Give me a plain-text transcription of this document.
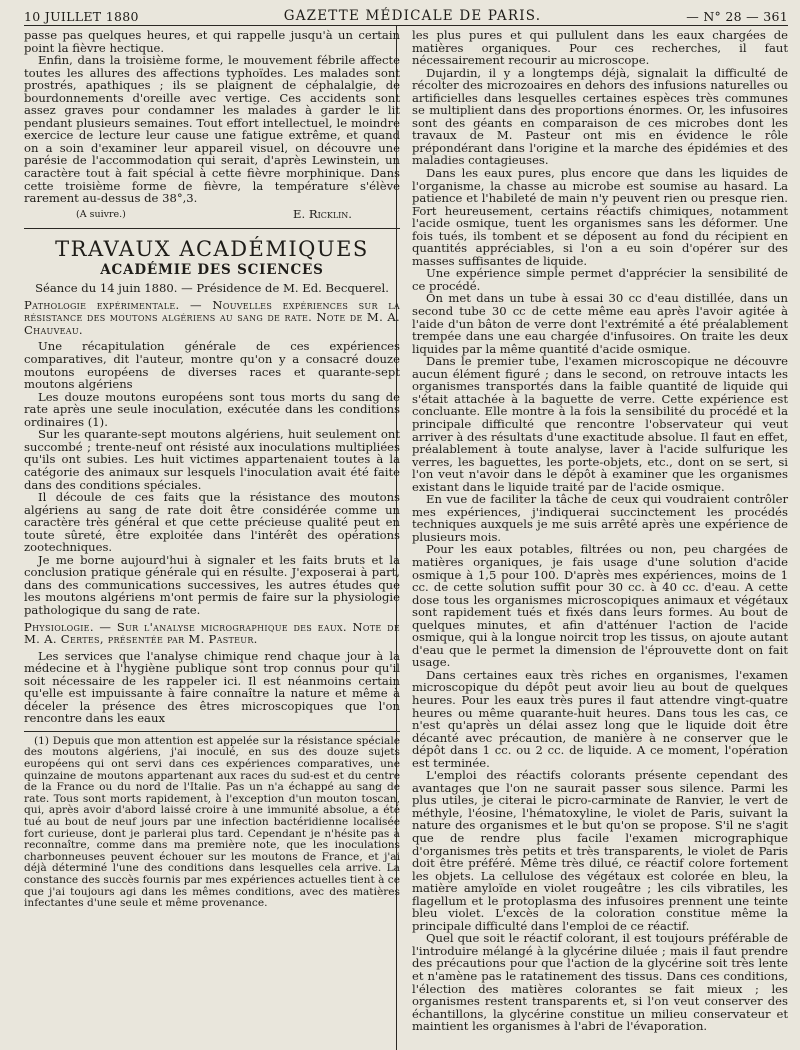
10 JUILLET 1880	GAZETTE MÉDICALE DE PARIS.	— N° 28 — 361

passe pas quelques heures, et qui rappelle jusqu'à un certain point la fièvre hectique.

Enfin, dans la troisième forme, le mouvement fébrile affecte toutes les allures des affections typhoïdes. Les malades sont prostrés, apathiques ; ils se plaignent de céphalalgie, de bourdonnements d'oreille avec vertige. Ces accidents sont assez graves pour condamner les malades à garder le lit pendant plusieurs semaines. Tout effort intellectuel, le moindre exercice de lecture leur cause une fatigue extrême, et quand on a soin d'examiner leur appareil visuel, on découvre une parésie de l'accommodation qui serait, d'après Lewinstein, un caractère tout à fait spécial à cette fièvre morphinique. Dans cette troisième forme de fièvre, la température s'élève rarement au-dessus de 38°,3.

E. Ricklin.
(A suivre.)
TRAVAUX ACADÉMIQUES
ACADÉMIE DES SCIENCES

Séance du 14 juin 1880. — Présidence de M. Ed. Becquerel.

Pathologie expérimentale. — Nouvelles expériences sur la résistance des moutons algériens au sang de rate. Note de M. A. Chauveau.

Une récapitulation générale de ces expériences comparatives, dit l'auteur, montre qu'on y a consacré douze moutons européens de diverses races et quarante-sept moutons algériens

Les douze moutons européens sont tous morts du sang de rate après une seule inoculation, exécutée dans les conditions ordinaires (1).

Sur les quarante-sept moutons algériens, huit seulement ont succombé ; trente-neuf ont résisté aux inoculations multipliées qu'ils ont subies. Les huit victimes appartenaient toutes à la catégorie des animaux sur lesquels l'inoculation avait été faite dans des conditions spéciales.

Il découle de ces faits que la résistance des moutons algériens au sang de rate doit être considérée comme un caractère très général et que cette précieuse qualité peut en toute sûreté, être exploitée dans l'intérêt des opérations zootechniques.

Je me borne aujourd'hui à signaler et les faits bruts et la conclusion pratique générale qui en résulte. J'exposerai à part, dans des communications successives, les autres études que les moutons algériens m'ont permis de faire sur la physiologie pathologique du sang de rate.

Physiologie. — Sur l'analyse micrographique des eaux. Note de M. A. Certes, présentée par M. Pasteur.

Les services que l'analyse chimique rend chaque jour à la médecine et à l'hygiène publique sont trop connus pour qu'il soit nécessaire de les rappeler ici. Il est néanmoins certain qu'elle est impuissante à faire connaître la nature et même à déceler la présence des êtres microscopiques que l'on rencontre dans les eaux

(1) Depuis que mon attention est appelée sur la résistance spéciale des moutons algériens, j'ai inoculé, en sus des douze sujets européens qui ont servi dans ces expériences comparatives, une quinzaine de moutons appartenant aux races du sud-est et du centre de la France ou du nord de l'Italie. Pas un n'a échappé au sang de rate. Tous sont morts rapidement, à l'exception d'un mouton toscan, qui, après avoir d'abord laissé croire à une immunité absolue, a été tué au bout de neuf jours par une infection bactéridienne localisée fort curieuse, dont je parlerai plus tard. Cependant je n'hésite pas à reconnaître, comme dans ma première note, que les inoculations charbonneuses peuvent échouer sur les moutons de France, et j'ai déjà déterminé l'une des conditions dans lesquelles cela arrive. La constance des succès fournis par mes expériences actuelles tient à ce que j'ai toujours agi dans les mêmes conditions, avec des matières infectantes d'une seule et même provenance.

les plus pures et qui pullulent dans les eaux chargées de matières organiques. Pour ces recherches, il faut nécessairement recourir au microscope.

Dujardin, il y a longtemps déjà, signalait la difficulté de récolter des microzoaires en dehors des infusions naturelles ou artificielles dans lesquelles certaines espèces très communes se multiplient dans des proportions énormes. Or, les infusoires sont des géants en comparaison de ces microbes dont les travaux de M. Pasteur ont mis en évidence le rôle prépondérant dans l'origine et la marche des épidémies et des maladies contagieuses.

Dans les eaux pures, plus encore que dans les liquides de l'organisme, la chasse au microbe est soumise au hasard. La patience et l'habileté de main n'y peuvent rien ou presque rien. Fort heureusement, certains réactifs chimiques, notamment l'acide osmique, tuent les organismes sans les déformer. Une fois tués, ils tombent et se déposent au fond du récipient en quantités appréciables, si l'on a eu soin d'opérer sur des masses suffisantes de liquide.

Une expérience simple permet d'apprécier la sensibilité de ce procédé.

On met dans un tube à essai 30 cc d'eau distillée, dans un second tube 30 cc de cette même eau après l'avoir agitée à l'aide d'un bâton de verre dont l'extrémité a été préalablement trempée dans une eau chargée d'infusoires. On traite les deux liquides par la même quantité d'acide osmique.

Dans le premier tube, l'examen microscopique ne découvre aucun élément figuré ; dans le second, on retrouve intacts les organismes transportés dans la faible quantité de liquide qui s'était attachée à la baguette de verre. Cette expérience est concluante. Elle montre à la fois la sensibilité du procédé et la principale difficulté que rencontre l'observateur qui veut arriver à des résultats d'une exactitude absolue. Il faut en effet, préalablement à toute analyse, laver à l'acide sulfurique les verres, les baguettes, les porte-objets, etc., dont on se sert, si l'on veut n'avoir dans le dépôt à examiner que les organismes existant dans le liquide traité par de l'acide osmique.

En vue de faciliter la tâche de ceux qui voudraient contrôler mes expériences, j'indiquerai succinctement les procédés techniques auxquels je me suis arrêté après une expérience de plusieurs mois.

Pour les eaux potables, filtrées ou non, peu chargées de matières organiques, je fais usage d'une solution d'acide osmique à 1,5 pour 100. D'après mes expériences, moins de 1 cc. de cette solution suffit pour 30 cc. à 40 cc. d'eau. A cette dose tous les organismes microscopiques animaux et végétaux sont rapidement tués et fixés dans leurs formes. Au bout de quelques minutes, et afin d'atténuer l'action de l'acide osmique, qui à la longue noircit trop les tissus, on ajoute autant d'eau que le permet la dimension de l'éprouvette dont on fait usage.

Dans certaines eaux très riches en organismes, l'examen microscopique du dépôt peut avoir lieu au bout de quelques heures. Pour les eaux très pures il faut attendre vingt-quatre heures ou même quarante-huit heures. Dans tous les cas, ce n'est qu'après un délai assez long que le liquide doit être décanté avec précaution, de manière à ne conserver que le dépôt dans 1 cc. ou 2 cc. de liquide. A ce moment, l'opération est terminée.

L'emploi des réactifs colorants présente cependant des avantages que l'on ne saurait passer sous silence. Parmi les plus utiles, je citerai le picro-carminate de Ranvier, le vert de méthyle, l'éosine, l'hématoxyline, le violet de Paris, suivant la nature des organismes et le but qu'on se propose. S'il ne s'agit que de rendre plus facile l'examen micrographique d'organismes très petits et très transparents, le violet de Paris doit être préféré. Même très dilué, ce réactif colore fortement les objets. La cellulose des végétaux est colorée en bleu, la matière amyloïde en violet rougeâtre ; les cils vibratiles, les flagellum et le protoplasma des infusoires prennent une teinte bleu violet. L'excès de la coloration constitue même la principale difficulté dans l'emploi de ce réactif.

Quel que soit le réactif colorant, il est toujours préférable de l'introduire mélangé à la glycérine diluée ; mais il faut prendre des précautions pour que l'action de la glycérine soit très lente et n'amène pas le ratatinement des tissus. Dans ces conditions, l'élection des matières colorantes se fait mieux ; les organismes restent transparents et, si l'on veut conserver des échantillons, la glycérine constitue un milieu conservateur et maintient les organismes à l'abri de l'évaporation.
